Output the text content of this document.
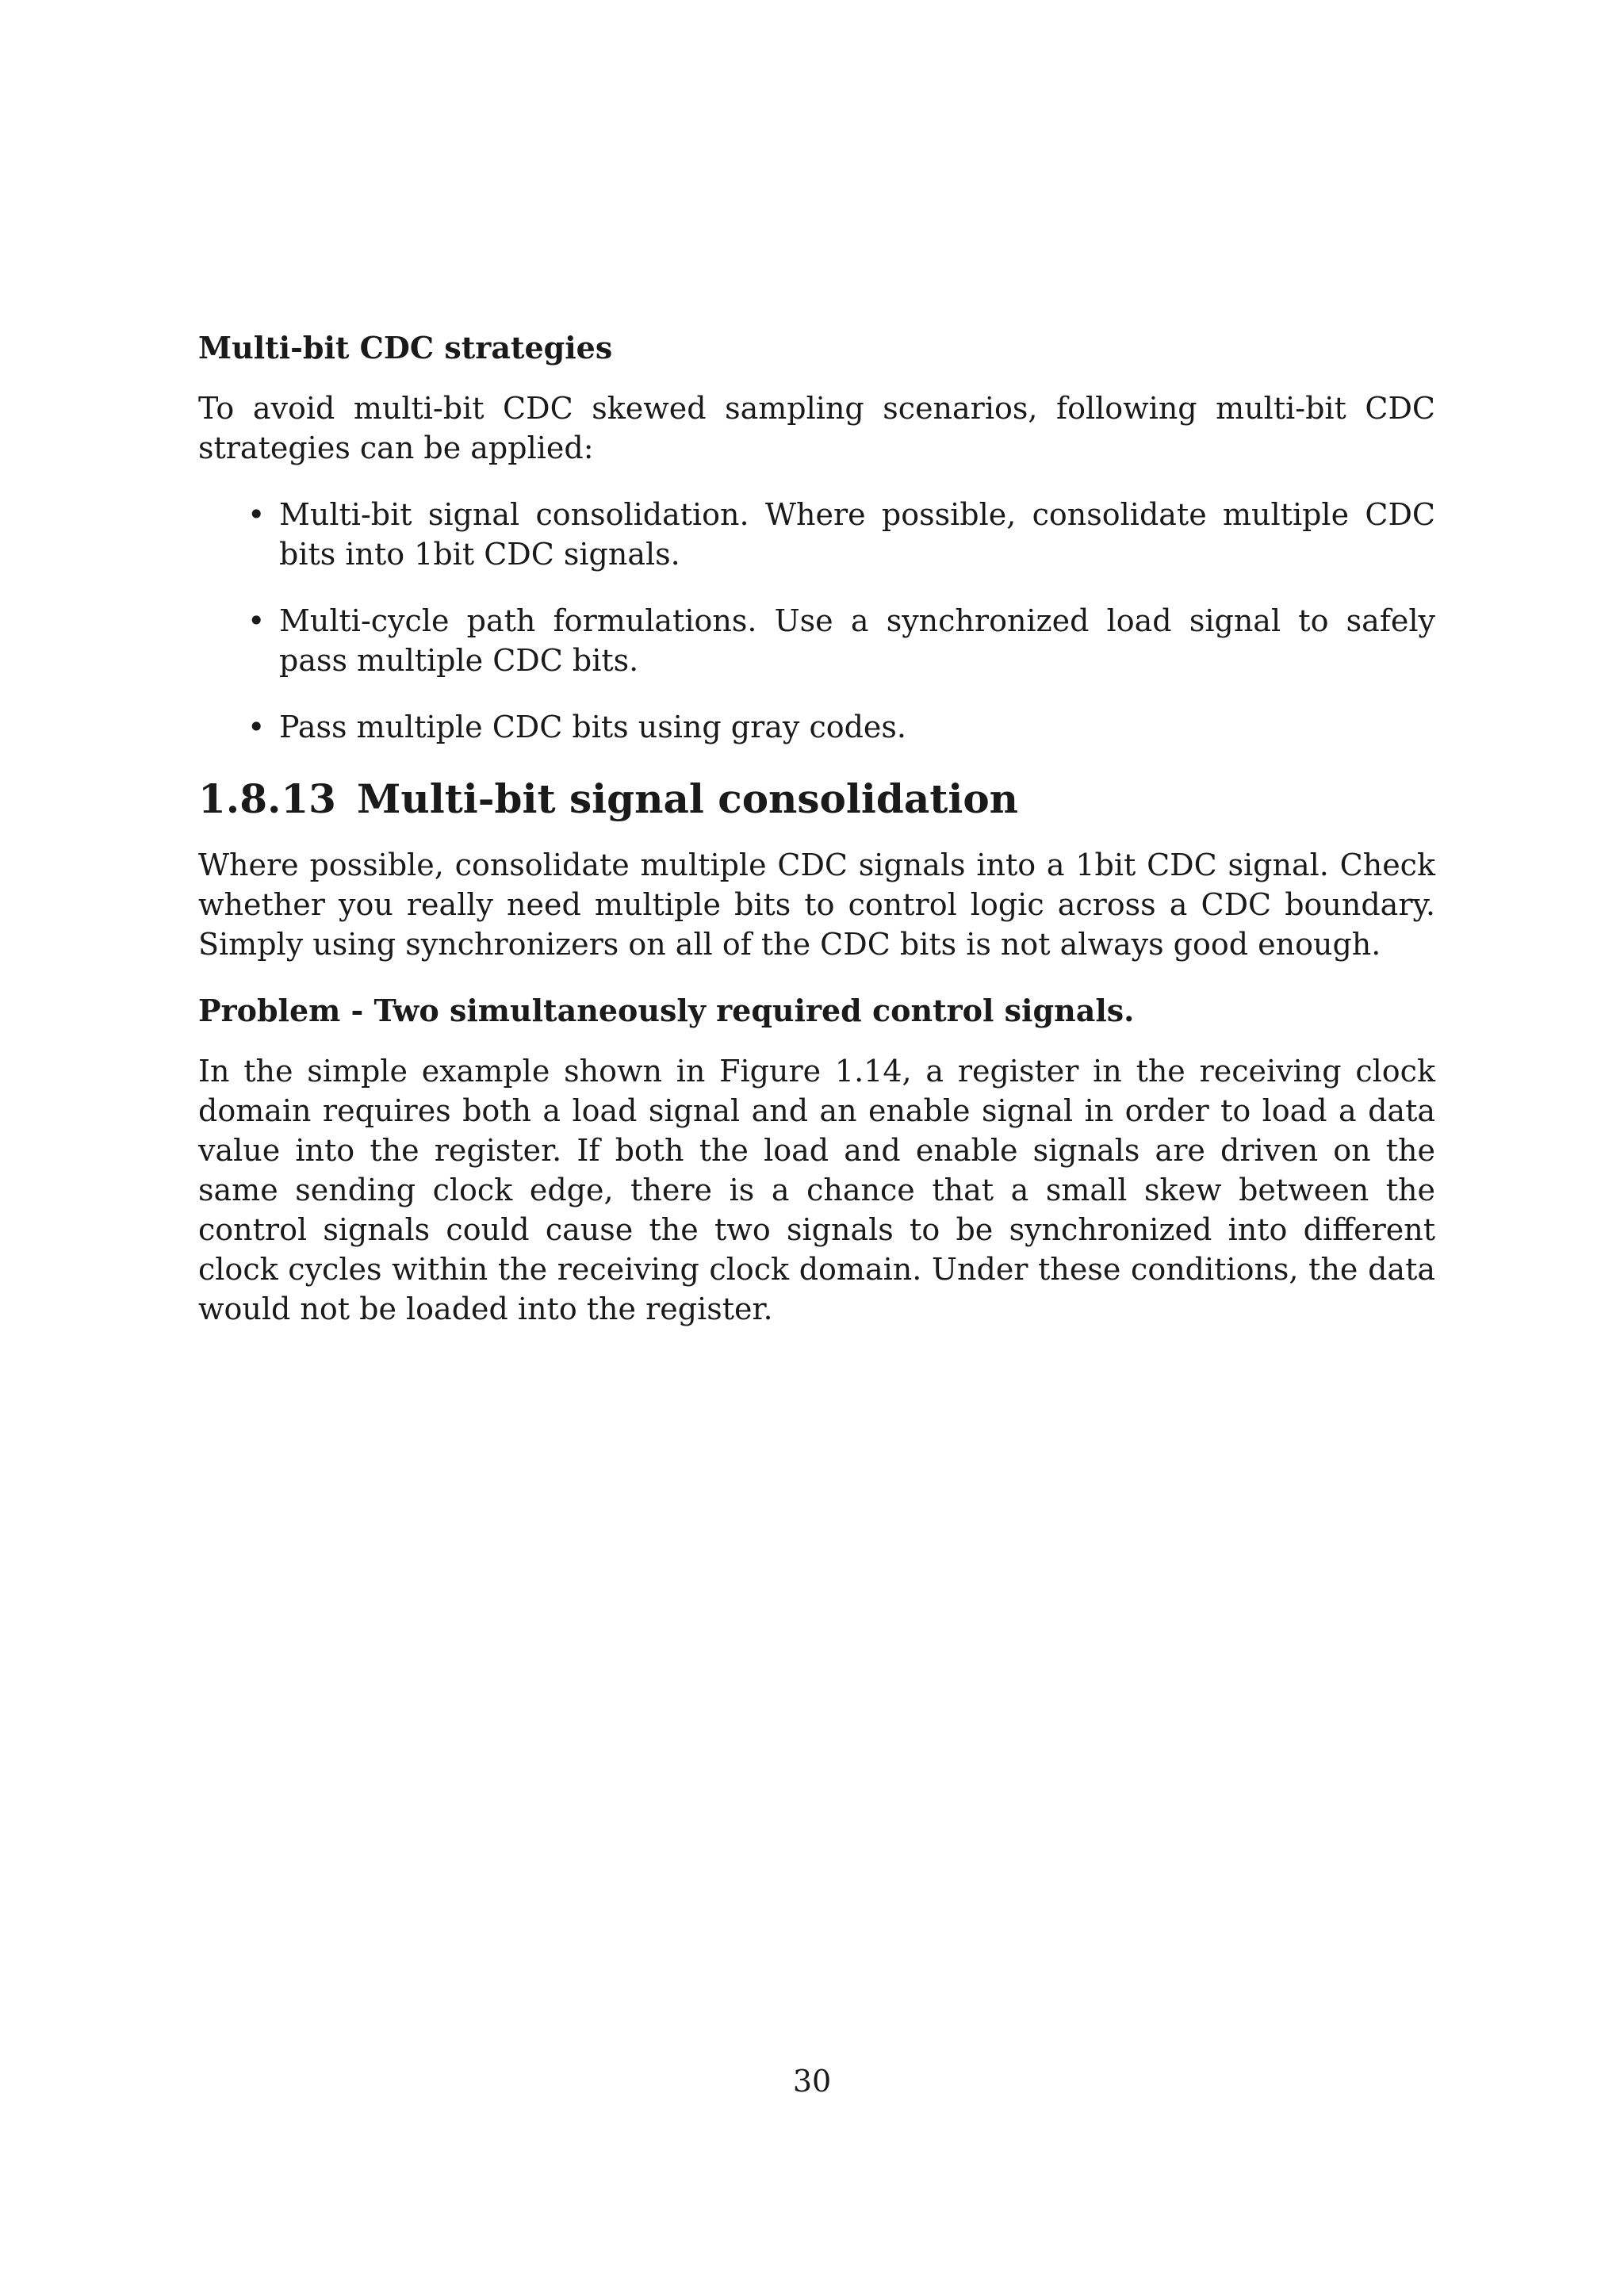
Multi-bit CDC strategies

To avoid multi-bit CDC skewed sampling scenarios, following multi-bit CDC strategies can be applied:

• Multi-bit signal consolidation. Where possible, consolidate multiple CDC bits into 1bit CDC signals.
• Multi-cycle path formulations. Use a synchronized load signal to safely pass multiple CDC bits.
• Pass multiple CDC bits using gray codes.
1.8.13 Multi-bit signal consolidation

Where possible, consolidate multiple CDC signals into a 1bit CDC signal. Check whether you really need multiple bits to control logic across a CDC boundary. Simply using synchronizers on all of the CDC bits is not always good enough.

Problem - Two simultaneously required control signals.

In the simple example shown in Figure 1.14, a register in the receiving clock domain requires both a load signal and an enable signal in order to load a data value into the register. If both the load and enable signals are driven on the same sending clock edge, there is a chance that a small skew between the control signals could cause the two signals to be synchronized into different clock cycles within the receiving clock domain. Under these conditions, the data would not be loaded into the register.

30
